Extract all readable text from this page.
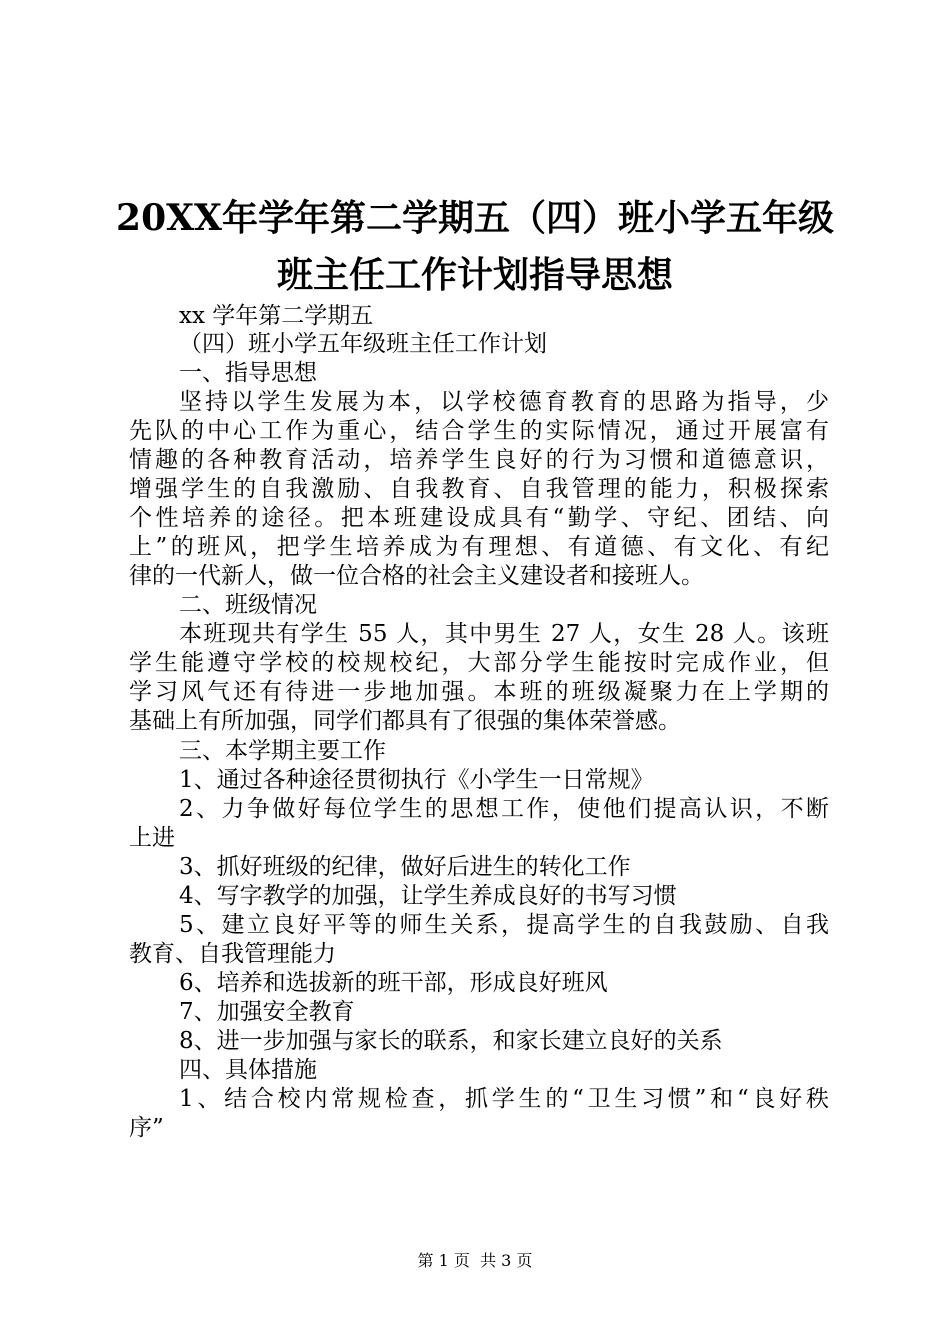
20XX年学年第二学期五（四）班小学五年级
班主任工作计划指导思想
xx 学年第二学期五
（四）班小学五年级班主任工作计划
一、指导思想
坚持以学生发展为本，以学校德育教育的思路为指导，少
先队的中心工作为重心，结合学生的实际情况，通过开展富有
情趣的各种教育活动，培养学生良好的行为习惯和道德意识，
增强学生的自我激励、自我教育、自我管理的能力，积极探索
个性培养的途径。把本班建设成具有“勤学、守纪、团结、向
上”的班风，把学生培养成为有理想、有道德、有文化、有纪
律的一代新人，做一位合格的社会主义建设者和接班人。
二、班级情况
本班现共有学生 55 人，其中男生 27 人，女生 28 人。该班
学生能遵守学校的校规校纪，大部分学生能按时完成作业，但
学习风气还有待进一步地加强。本班的班级凝聚力在上学期的
基础上有所加强，同学们都具有了很强的集体荣誉感。
三、本学期主要工作
1、通过各种途径贯彻执行《小学生一日常规》
2、力争做好每位学生的思想工作，使他们提高认识，不断
上进
3、抓好班级的纪律，做好后进生的转化工作
4、写字教学的加强，让学生养成良好的书写习惯
5、建立良好平等的师生关系，提高学生的自我鼓励、自我
教育、自我管理能力
6、培养和选拔新的班干部，形成良好班风
7、加强安全教育
8、进一步加强与家长的联系，和家长建立良好的关系
四、具体措施
1、结合校内常规检查，抓学生的“卫生习惯”和“良好秩
序”
第 1 页  共 3 页
